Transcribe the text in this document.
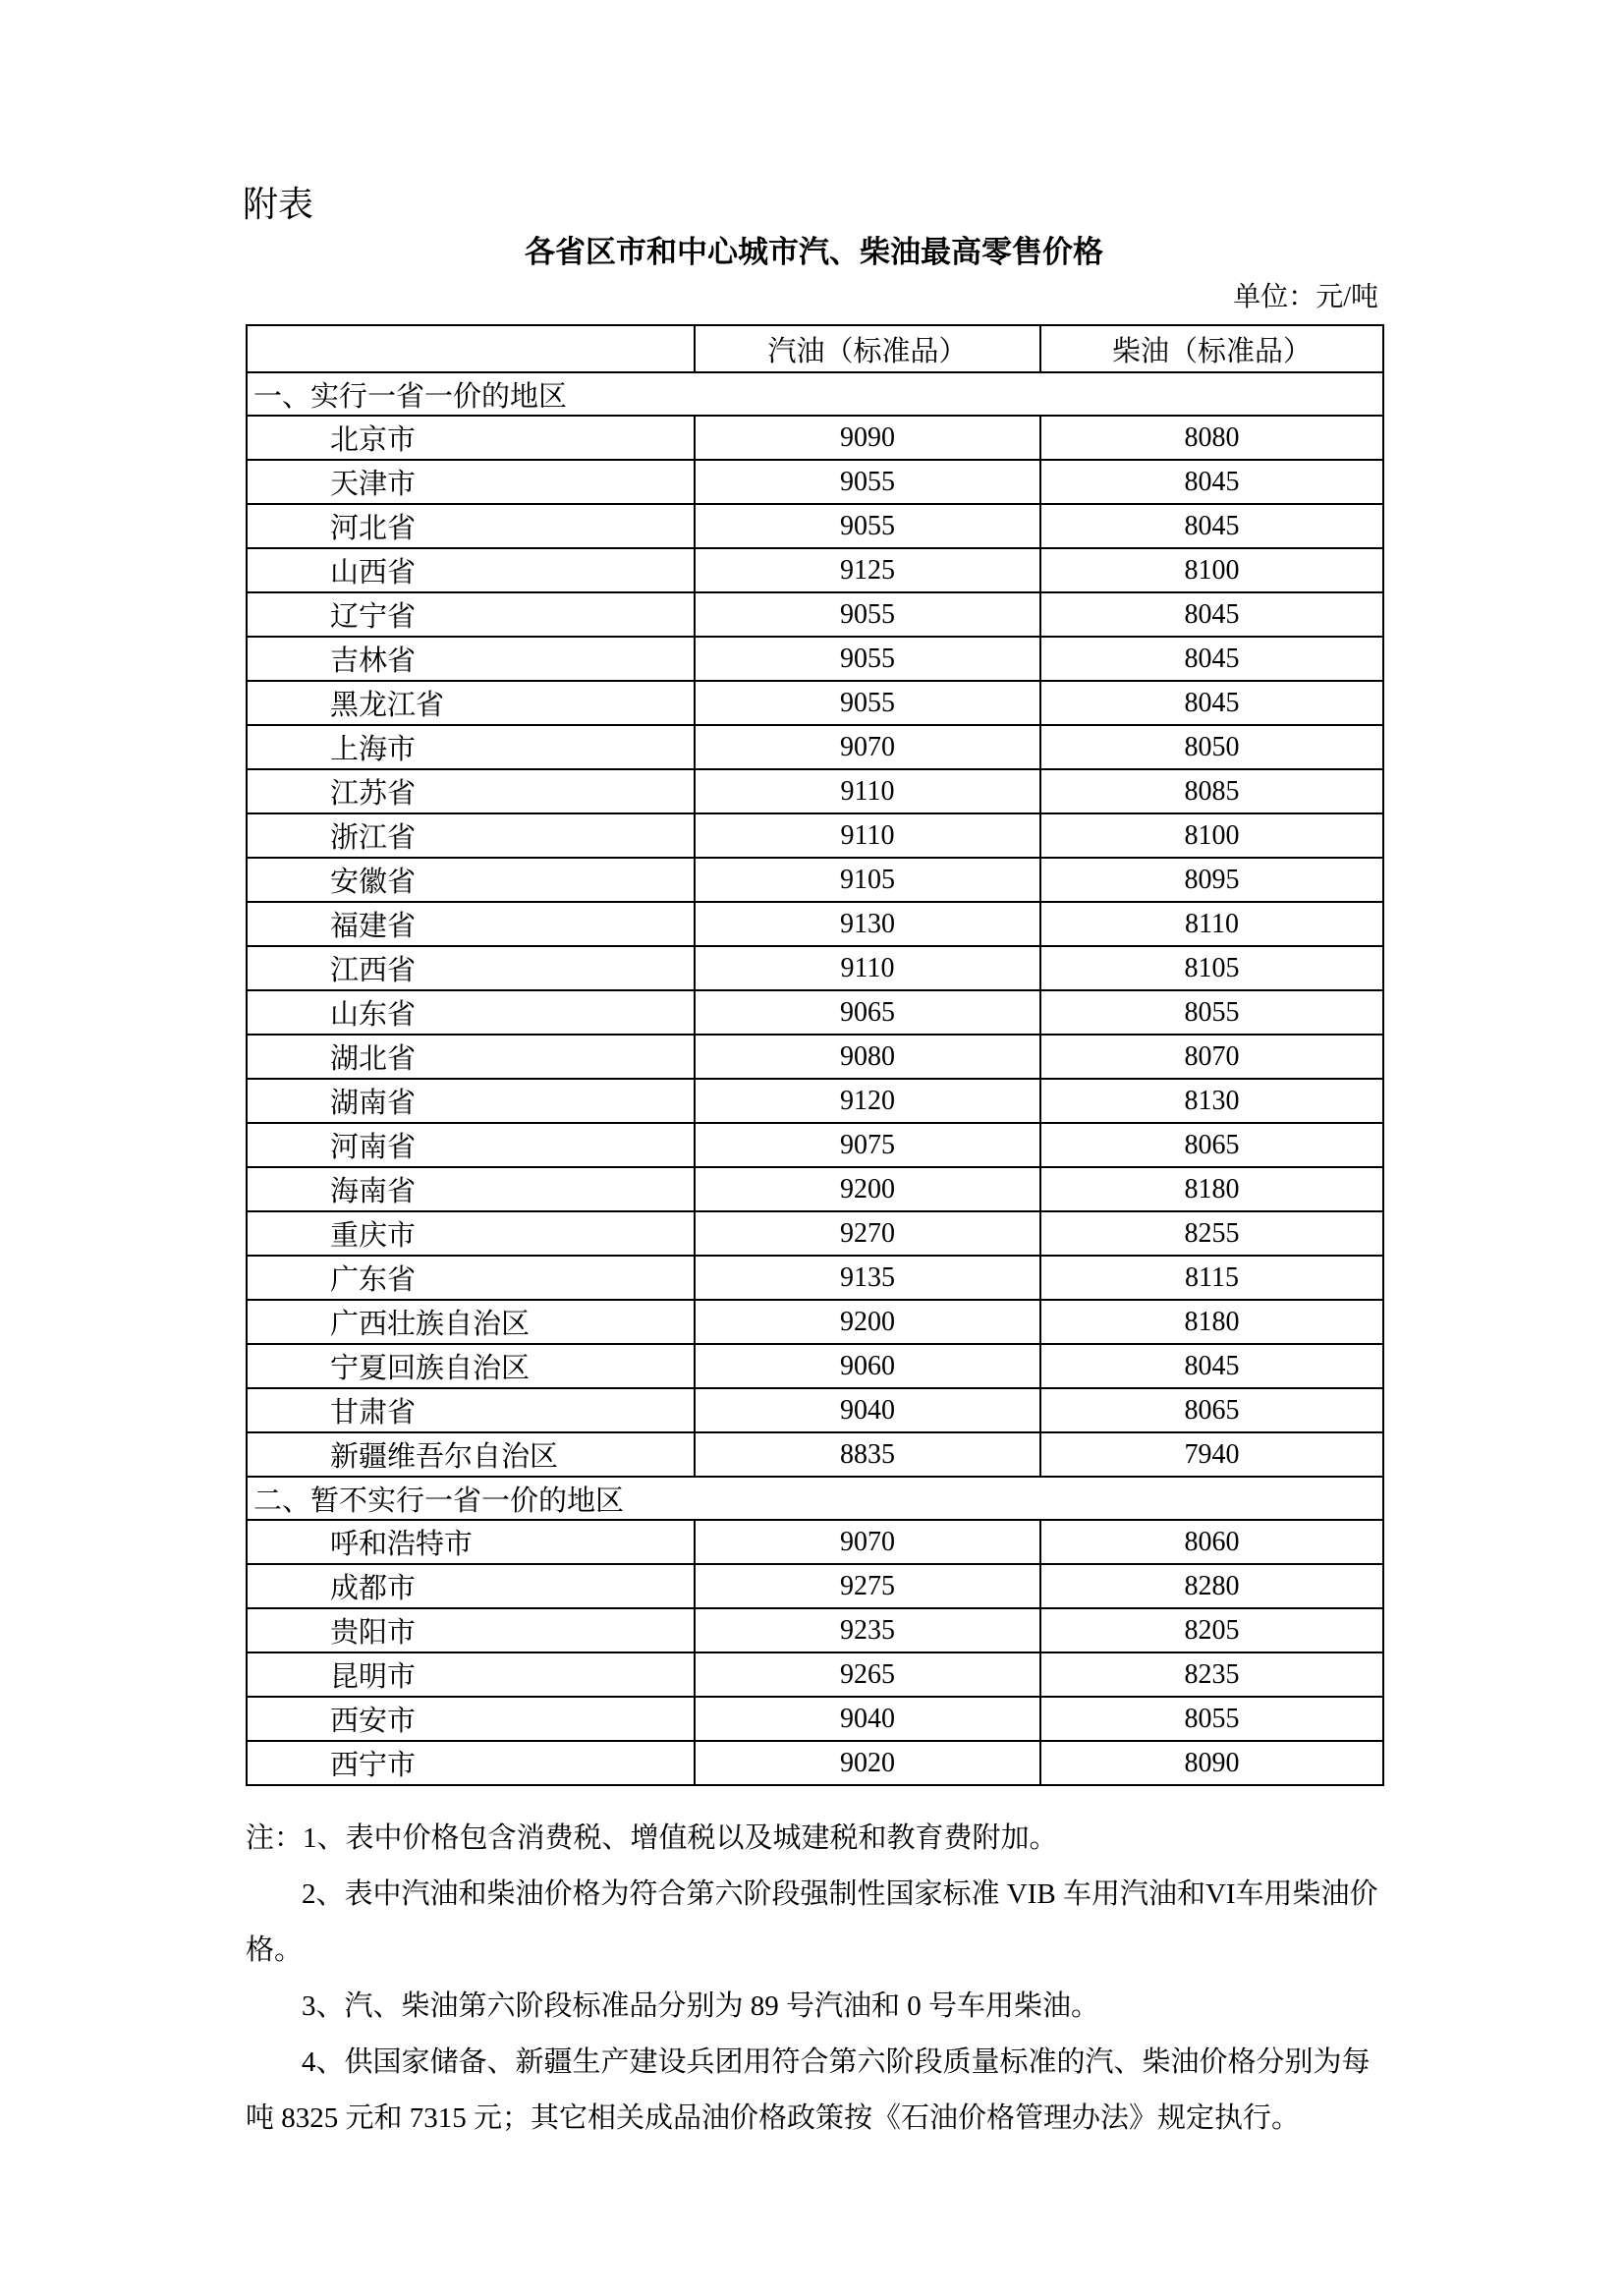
附表
各省区市和中心城市汽、柴油最高零售价格
单位：元/吨
	汽油（标准品）	柴油（标准品）
一、实行一省一价的地区		
北京市	9090	8080
天津市	9055	8045
河北省	9055	8045
山西省	9125	8100
辽宁省	9055	8045
吉林省	9055	8045
黑龙江省	9055	8045
上海市	9070	8050
江苏省	9110	8085
浙江省	9110	8100
安徽省	9105	8095
福建省	9130	8110
江西省	9110	8105
山东省	9065	8055
湖北省	9080	8070
湖南省	9120	8130
河南省	9075	8065
海南省	9200	8180
重庆市	9270	8255
广东省	9135	8115
广西壮族自治区	9200	8180
宁夏回族自治区	9060	8045
甘肃省	9040	8065
新疆维吾尔自治区	8835	7940
二、暂不实行一省一价的地区		
呼和浩特市	9070	8060
成都市	9275	8280
贵阳市	9235	8205
昆明市	9265	8235
西安市	9040	8055
西宁市	9020	8090
注：1、表中价格包含消费税、增值税以及城建税和教育费附加。
2、表中汽油和柴油价格为符合第六阶段强制性国家标准 VIB 车用汽油和VI车用柴油价
格。
3、汽、柴油第六阶段标准品分别为 89 号汽油和 0 号车用柴油。
4、供国家储备、新疆生产建设兵团用符合第六阶段质量标准的汽、柴油价格分别为每
吨 8325 元和 7315 元；其它相关成品油价格政策按《石油价格管理办法》规定执行。
